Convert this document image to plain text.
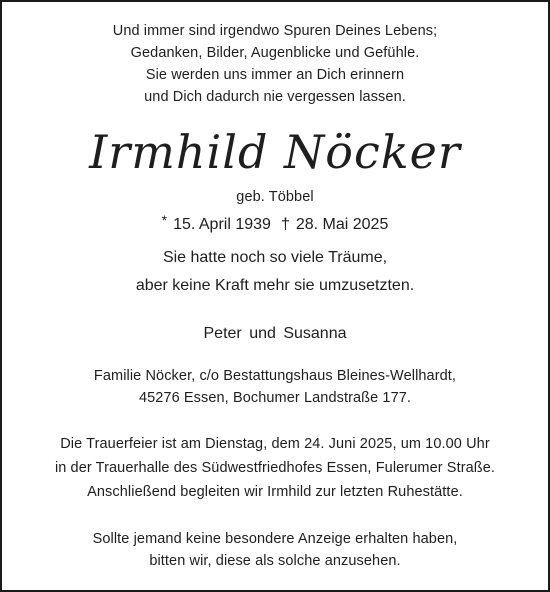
Und immer sind irgendwo Spuren Deines Lebens;
Gedanken, Bilder, Augenblicke und Gefühle.
Sie werden uns immer an Dich erinnern
und Dich dadurch nie vergessen lassen.
Irmhild Nöcker
geb. Többel
* 15. April 1939 † 28. Mai 2025
Sie hatte noch so viele Träume,
aber keine Kraft mehr sie umzusetzten.
Peter und Susanna
Familie Nöcker, c/o Bestattungshaus Bleines-Wellhardt,
45276 Essen, Bochumer Landstraße 177.
Die Trauerfeier ist am Dienstag, dem 24. Juni 2025, um 10.00 Uhr
in der Trauerhalle des Südwestfriedhofes Essen, Fulerumer Straße.
Anschließend begleiten wir Irmhild zur letzten Ruhestätte.
Sollte jemand keine besondere Anzeige erhalten haben,
bitten wir, diese als solche anzusehen.
